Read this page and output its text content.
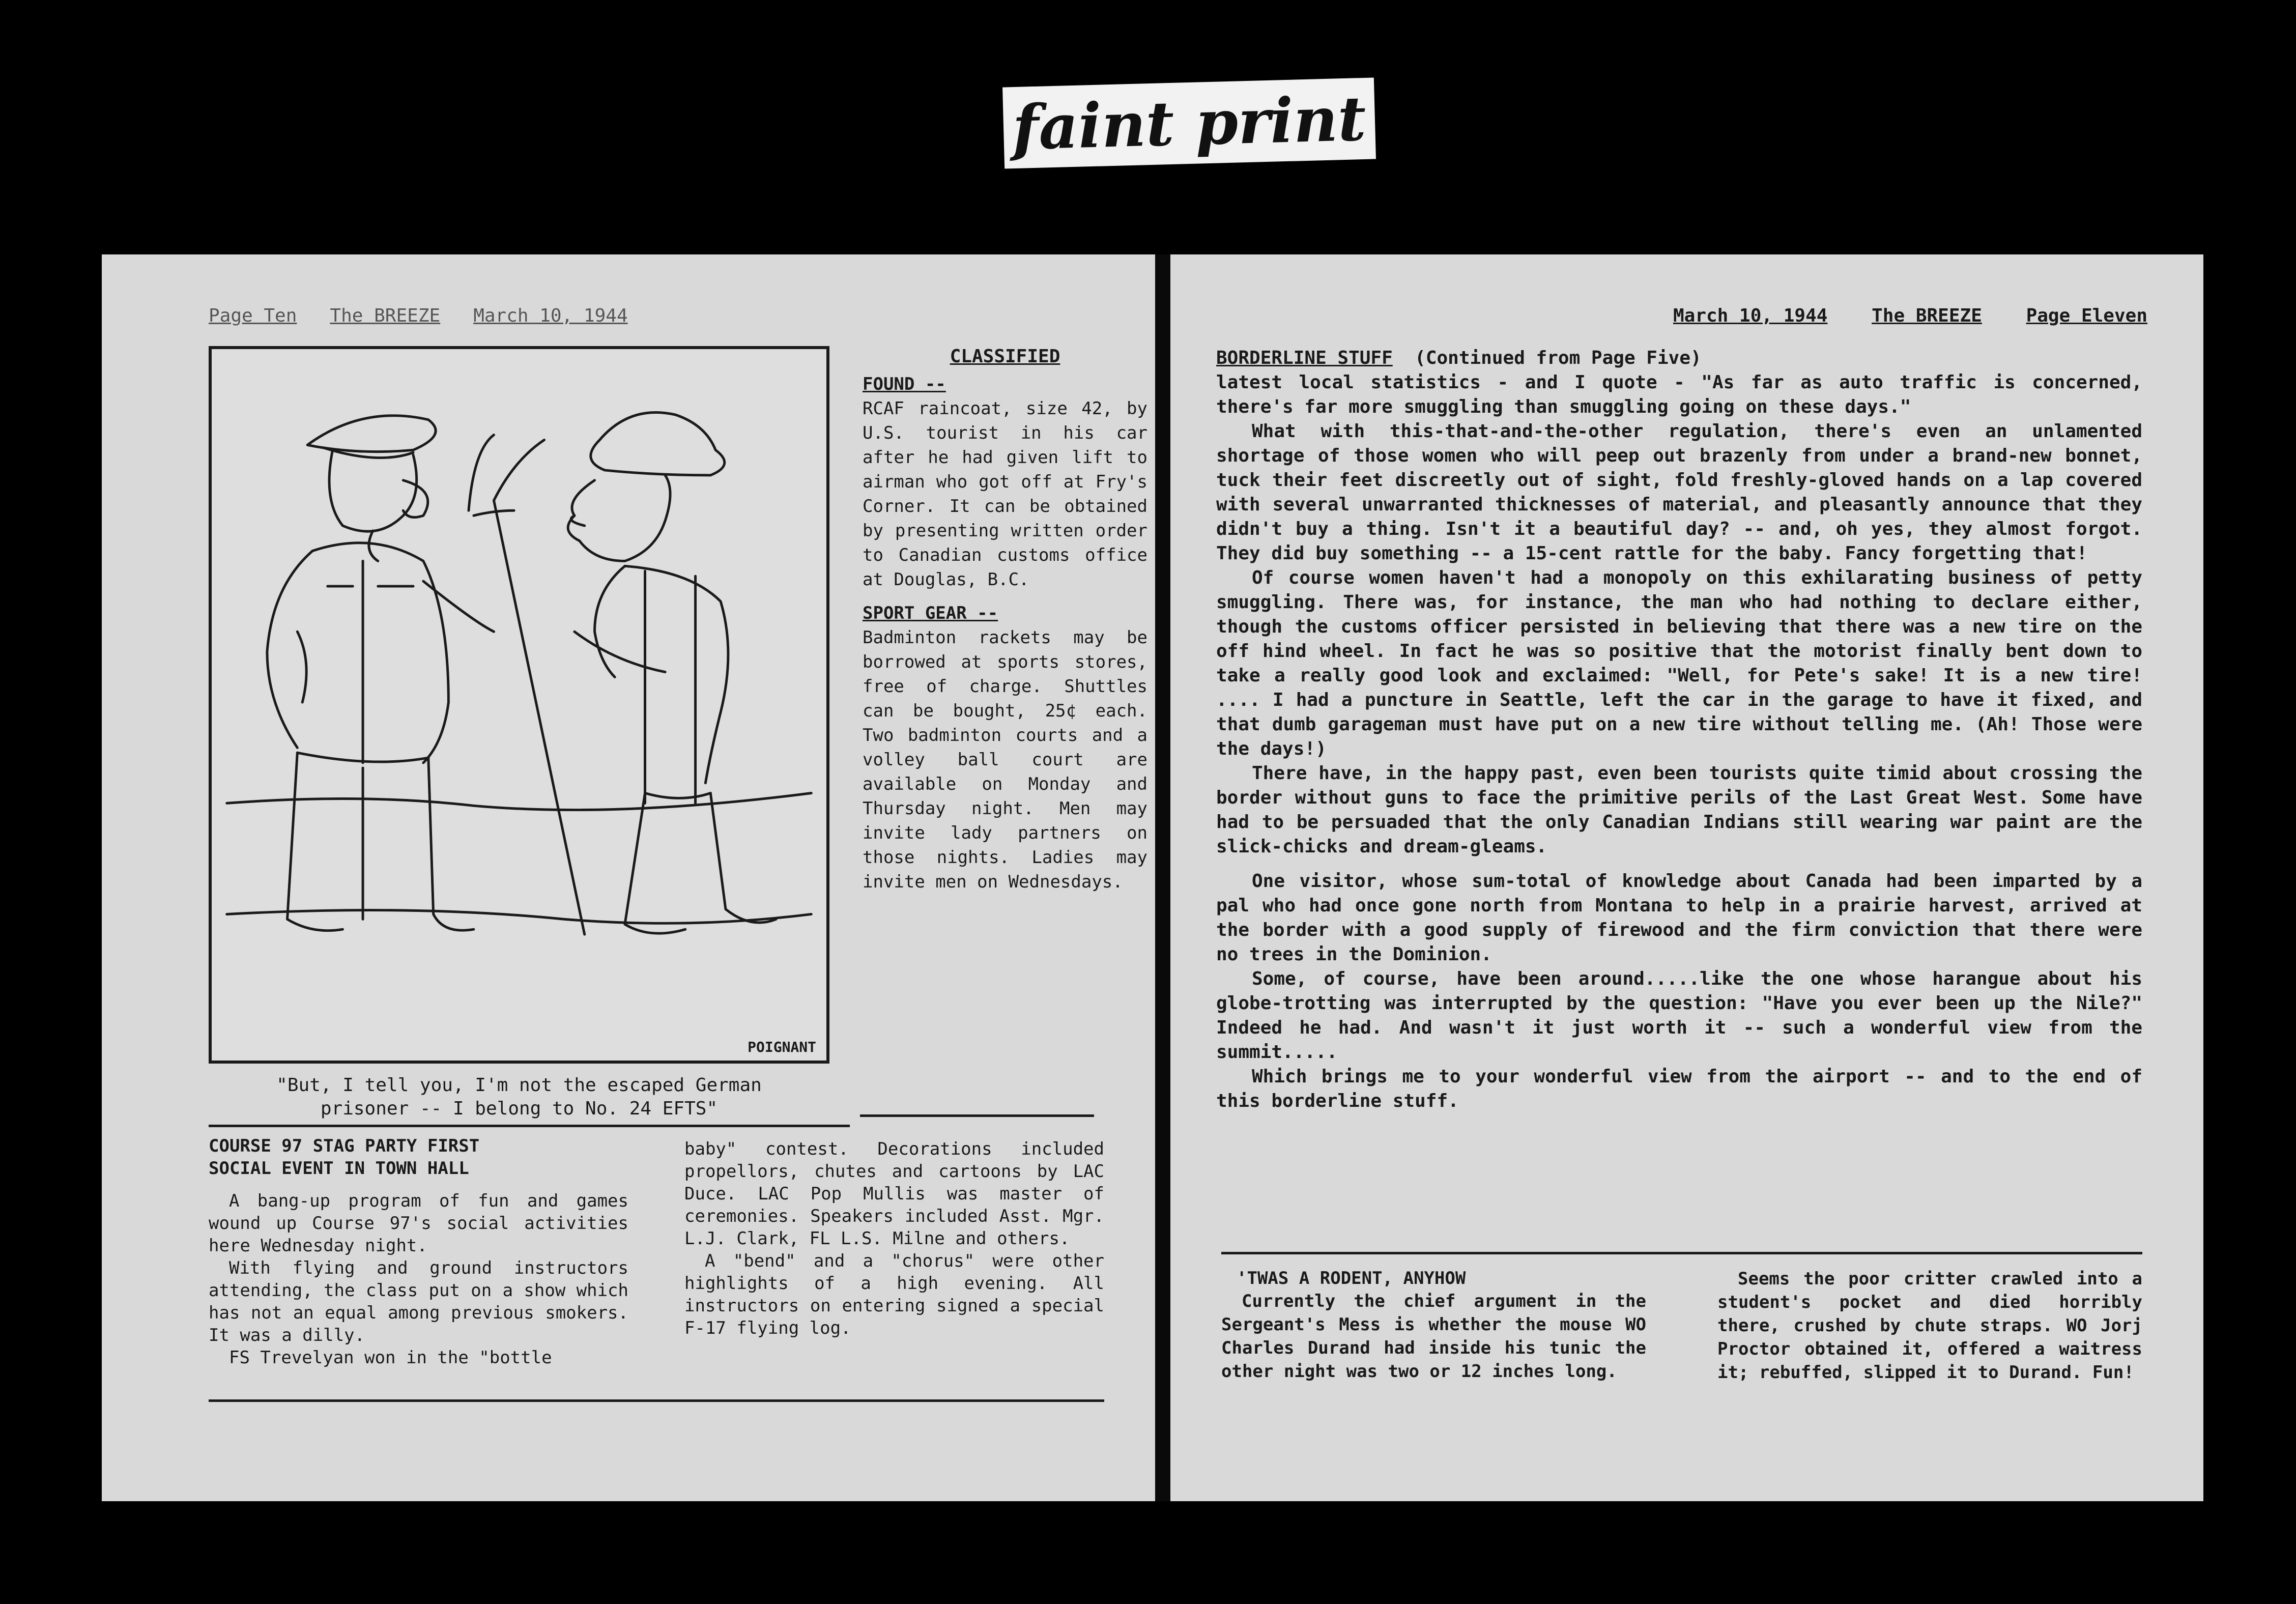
faint print
Page Ten The BREEZE March 10, 1944
POIGNANT
"But, I tell you, I'm not the escaped German
prisoner -- I belong to No. 24 EFTS"
CLASSIFIED
FOUND --
RCAF raincoat, size 42, by U.S. tourist in his car after he had given lift to airman who got off at Fry's Corner. It can be obtained by presenting written order to Canadian customs office at Douglas, B.C.
SPORT GEAR --
Badminton rackets may be borrowed at sports stores, free of charge. Shuttles can be bought, 25¢ each. Two badminton courts and a volley ball court are available on Monday and Thursday night. Men may invite lady partners on those nights. Ladies may invite men on Wednesdays.
COURSE 97 STAG PARTY FIRST
SOCIAL EVENT IN TOWN HALL
A bang-up program of fun and games wound up Course 97's social activities here Wednesday night.
With flying and ground instructors attending, the class put on a show which has not an equal among previous smokers. It was a dilly.
FS Trevelyan won in the "bottle
baby" contest. Decorations included propellors, chutes and cartoons by LAC Duce. LAC Pop Mullis was master of ceremonies. Speakers included Asst. Mgr. L.J. Clark, FL L.S. Milne and others.
A "bend" and a "chorus" were other highlights of a high evening. All instructors on entering signed a special F-17 flying log.
March 10, 1944 The BREEZE Page Eleven
BORDERLINE STUFF (Continued from Page Five)

latest local statistics - and I quote - "As far as auto traffic is concerned, there's far more smuggling than smuggling going on these days."

What with this-that-and-the-other regulation, there's even an unlamented shortage of those women who will peep out brazenly from under a brand-new bonnet, tuck their feet discreetly out of sight, fold freshly-gloved hands on a lap covered with several unwarranted thicknesses of material, and pleasantly announce that they didn't buy a thing. Isn't it a beautiful day? -- and, oh yes, they almost forgot. They did buy something -- a 15-cent rattle for the baby. Fancy forgetting that!

Of course women haven't had a monopoly on this exhilarating business of petty smuggling. There was, for instance, the man who had nothing to declare either, though the customs officer persisted in believing that there was a new tire on the off hind wheel. In fact he was so positive that the motorist finally bent down to take a really good look and exclaimed: "Well, for Pete's sake! It is a new tire! .... I had a puncture in Seattle, left the car in the garage to have it fixed, and that dumb garageman must have put on a new tire without telling me. (Ah! Those were the days!)

There have, in the happy past, even been tourists quite timid about crossing the border without guns to face the primitive perils of the Last Great West. Some have had to be persuaded that the only Canadian Indians still wearing war paint are the slick-chicks and dream-gleams.

One visitor, whose sum-total of knowledge about Canada had been imparted by a pal who had once gone north from Montana to help in a prairie harvest, arrived at the border with a good supply of firewood and the firm conviction that there were no trees in the Dominion.

Some, of course, have been around.....like the one whose harangue about his globe-trotting was interrupted by the question: "Have you ever been up the Nile?" Indeed he had. And wasn't it just worth it -- such a wonderful view from the summit.....

Which brings me to your wonderful view from the airport -- and to the end of this borderline stuff.

'TWAS A RODENT, ANYHOW
Currently the chief argument in the Sergeant's Mess is whether the mouse WO Charles Durand had inside his tunic the other night was two or 12 inches long.
Seems the poor critter crawled into a student's pocket and died horribly there, crushed by chute straps. WO Jorj Proctor obtained it, offered a waitress it; rebuffed, slipped it to Durand. Fun!
